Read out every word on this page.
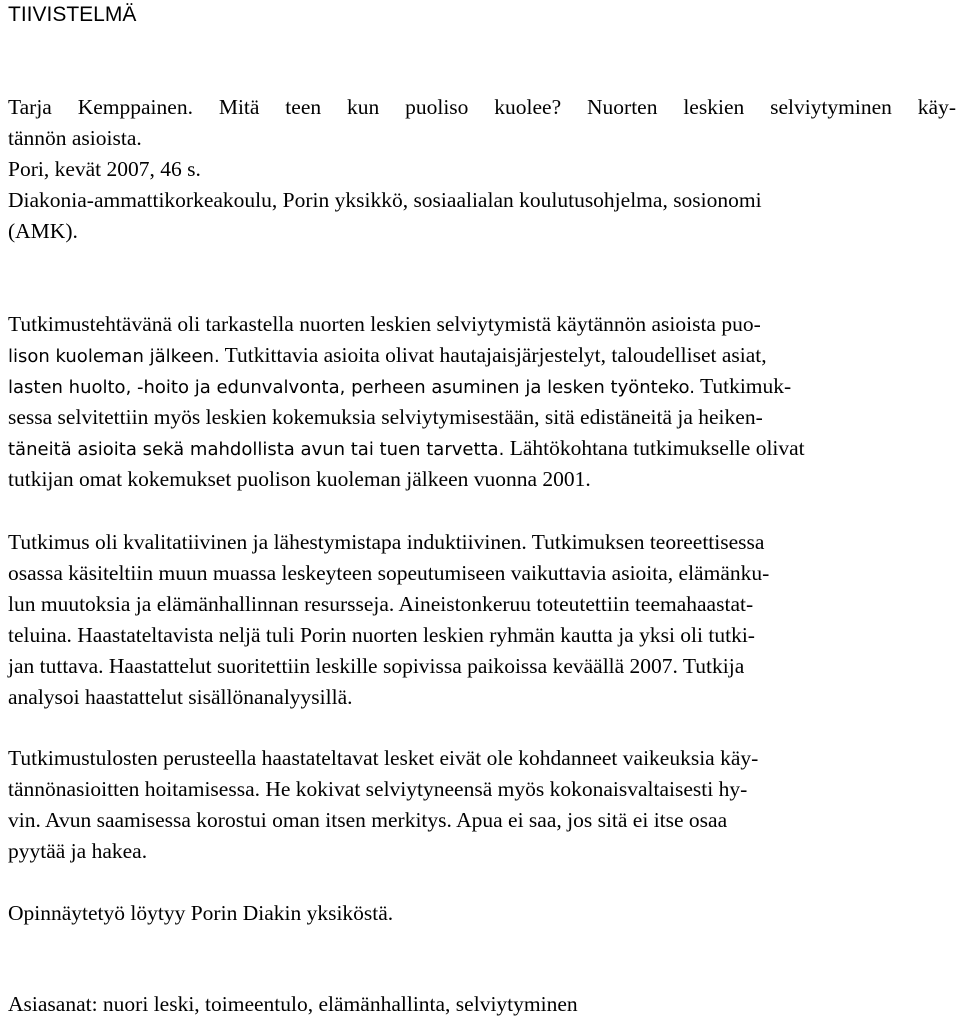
TIIVISTELMÄ
Tarja Kemppainen. Mitä teen kun puoliso kuolee? Nuorten leskien selviytyminen käy-
tännön asioista.
Pori, kevät 2007, 46 s.
Diakonia-ammattikorkeakoulu, Porin yksikkö, sosiaalialan koulutusohjelma, sosionomi
(AMK).
Tutkimustehtävänä oli tarkastella nuorten leskien selviytymistä käytännön asioista puo-
lison kuoleman jälkeen. Tutkittavia asioita olivat hautajaisjärjestelyt, taloudelliset asiat,
lasten huolto, -hoito ja edunvalvonta, perheen asuminen ja lesken työnteko. Tutkimuk-
sessa selvitettiin myös leskien kokemuksia selviytymisestään, sitä edistäneitä ja heiken-
täneitä asioita sekä mahdollista avun tai tuen tarvetta. Lähtökohtana tutkimukselle olivat
tutkijan omat kokemukset puolison kuoleman jälkeen vuonna 2001.
Tutkimus oli kvalitatiivinen ja lähestymistapa induktiivinen. Tutkimuksen teoreettisessa
osassa käsiteltiin muun muassa leskeyteen sopeutumiseen vaikuttavia asioita, elämänku-
lun muutoksia ja elämänhallinnan resursseja. Aineistonkeruu toteutettiin teemahaastat-
teluina. Haastateltavista neljä tuli Porin nuorten leskien ryhmän kautta ja yksi oli tutki-
jan tuttava. Haastattelut suoritettiin leskille sopivissa paikoissa keväällä 2007. Tutkija
analysoi haastattelut sisällönanalyysillä.
Tutkimustulosten perusteella haastateltavat lesket eivät ole kohdanneet vaikeuksia käy-
tännönasioitten hoitamisessa. He kokivat selviytyneensä myös kokonaisvaltaisesti hy-
vin. Avun saamisessa korostui oman itsen merkitys. Apua ei saa, jos sitä ei itse osaa
pyytää ja hakea.
Opinnäytetyö löytyy Porin Diakin yksiköstä.
Asiasanat: nuori leski, toimeentulo, elämänhallinta, selviytyminen
